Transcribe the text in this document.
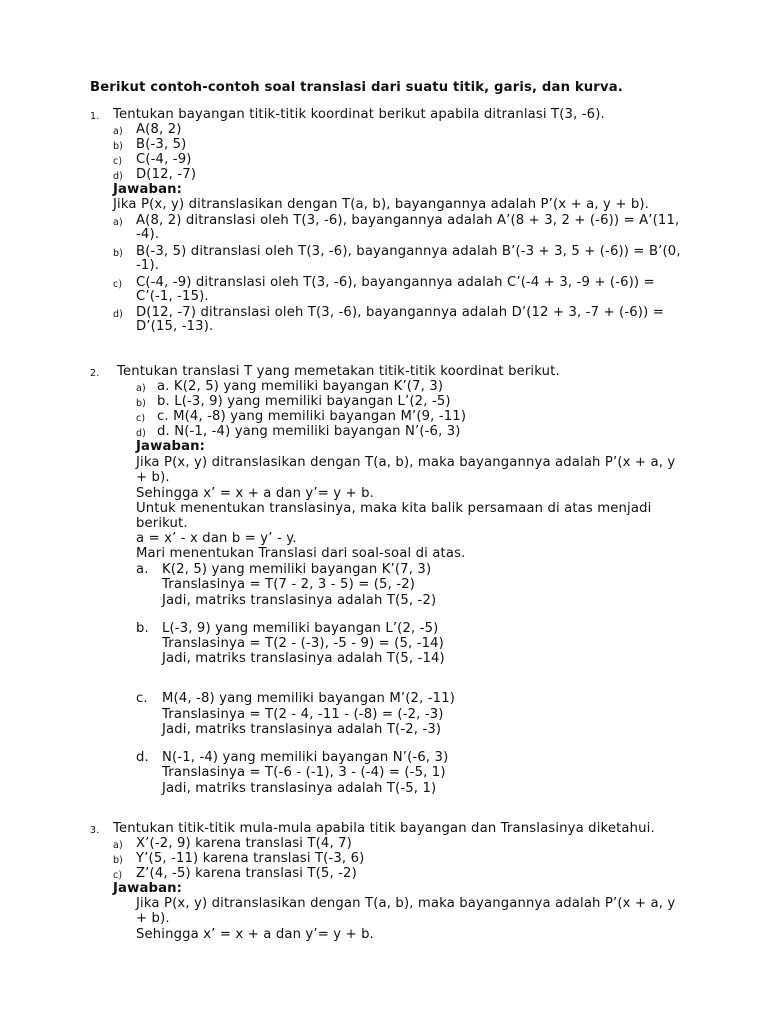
Berikut contoh-contoh soal translasi dari suatu titik, garis, dan kurva.
1. Tentukan bayangan titik-titik koordinat berikut apabila ditranlasi T(3, -6).
a) A(8, 2)
b) B(-3, 5)
c) C(-4, -9)
d) D(12, -7)
Jawaban:
Jika P(x, y) ditranslasikan dengan T(a, b), bayangannya adalah P’(x + a, y + b).
a) A(8, 2) ditranslasi oleh T(3, -6), bayangannya adalah A’(8 + 3, 2 + (-6)) = A’(11,
-4).
b) B(-3, 5) ditranslasi oleh T(3, -6), bayangannya adalah B’(-3 + 3, 5 + (-6)) = B’(0,
-1).
c) C(-4, -9) ditranslasi oleh T(3, -6), bayangannya adalah C’(-4 + 3, -9 + (-6)) =
C’(-1, -15).
d) D(12, -7) ditranslasi oleh T(3, -6), bayangannya adalah D’(12 + 3, -7 + (-6)) =
D’(15, -13).
2. Tentukan translasi T yang memetakan titik-titik koordinat berikut.
a) a. K(2, 5) yang memiliki bayangan K’(7, 3)
b) b. L(-3, 9) yang memiliki bayangan L’(2, -5)
c) c. M(4, -8) yang memiliki bayangan M’(9, -11)
d) d. N(-1, -4) yang memiliki bayangan N’(-6, 3)
Jawaban:
Jika P(x, y) ditranslasikan dengan T(a, b), maka bayangannya adalah P’(x + a, y
+ b).
Sehingga x’ = x + a dan y’= y + b.
Untuk menentukan translasinya, maka kita balik persamaan di atas menjadi
berikut.
a = x’ - x dan b = y’ - y.
Mari menentukan Translasi dari soal-soal di atas.
a. K(2, 5) yang memiliki bayangan K’(7, 3)
Translasinya = T(7 - 2, 3 - 5) = (5, -2)
Jadi, matriks translasinya adalah T(5, -2)
b. L(-3, 9) yang memiliki bayangan L’(2, -5)
Translasinya = T(2 - (-3), -5 - 9) = (5, -14)
Jadi, matriks translasinya adalah T(5, -14)
c. M(4, -8) yang memiliki bayangan M’(2, -11)
Translasinya = T(2 - 4, -11 - (-8) = (-2, -3)
Jadi, matriks translasinya adalah T(-2, -3)
d. N(-1, -4) yang memiliki bayangan N’(-6, 3)
Translasinya = T(-6 - (-1), 3 - (-4) = (-5, 1)
Jadi, matriks translasinya adalah T(-5, 1)
3. Tentukan titik-titik mula-mula apabila titik bayangan dan Translasinya diketahui.
a) X’(-2, 9) karena translasi T(4, 7)
b) Y’(5, -11) karena translasi T(-3, 6)
c) Z’(4, -5) karena translasi T(5, -2)
Jawaban:
Jika P(x, y) ditranslasikan dengan T(a, b), maka bayangannya adalah P’(x + a, y
+ b).
Sehingga x’ = x + a dan y’= y + b.
